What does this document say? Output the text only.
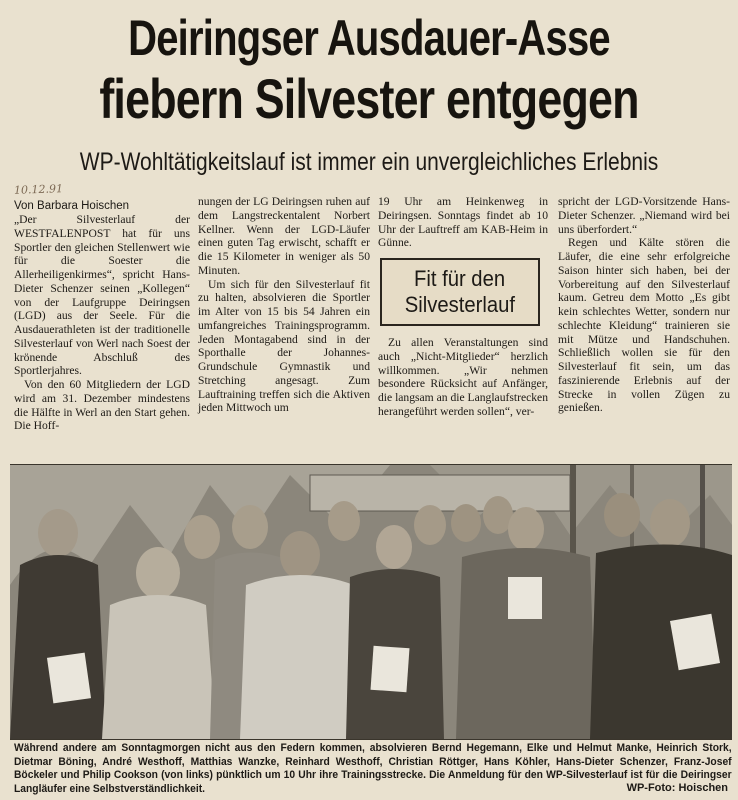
Deiringser Ausdauer-Asse
fiebern Silvester entgegen
WP-Wohltätigkeitslauf ist immer ein unvergleichliches Erlebnis
10.12.91
Von Barbara Hoischen

„Der Silvesterlauf der WESTFALENPOST hat für uns Sportler den gleichen Stellenwert wie für die Soester die Allerheiligenkirmes“, spricht Hans-Dieter Schenzer seinen „Kollegen“ von der Laufgruppe Deiringsen (LGD) aus der Seele. Für die Ausdauerathleten ist der traditionelle Silvesterlauf von Werl nach Soest der krönende Abschluß des Sportlerjahres.

Von den 60 Mitgliedern der LGD wird am 31. Dezember mindestens die Hälfte in Werl an den Start gehen. Die Hoff-

nungen der LG Deiringsen ruhen auf dem Langstreckentalent Norbert Kellner. Wenn der LGD-Läufer einen guten Tag erwischt, schafft er die 15 Kilometer in weniger als 50 Minuten.

Um sich für den Silvesterlauf fit zu halten, absolvieren die Sportler im Alter von 15 bis 54 Jahren ein umfangreiches Trainingsprogramm. Jeden Montagabend sind in der Sporthalle der Johannes-Grundschule Gymnastik und Stretching angesagt. Zum Lauftraining treffen sich die Aktiven jeden Mittwoch um

19 Uhr am Heinkenweg in Deiringsen. Sonntags findet ab 10 Uhr der Lauftreff am KAB-Heim in Günne.

Fit für den
Silvesterlauf

Zu allen Veranstaltungen sind auch „Nicht-Mitglieder“ herzlich willkommen. „Wir nehmen besondere Rücksicht auf Anfänger, die langsam an die Langlaufstrecken herangeführt werden sollen“, ver-

spricht der LGD-Vorsitzende Hans-Dieter Schenzer. „Niemand wird bei uns überfordert.“

Regen und Kälte stören die Läufer, die eine sehr erfolgreiche Saison hinter sich haben, bei der Vorbereitung auf den Silvesterlauf kaum. Getreu dem Motto „Es gibt kein schlechtes Wetter, sondern nur schlechte Kleidung“ trainieren sie mit Mütze und Handschuhen. Schließlich wollen sie für den Silvesterlauf fit sein, um das faszinierende Erlebnis auf der Strecke in vollen Zügen zu genießen.

Während andere am Sonntagmorgen nicht aus den Federn kommen, absolvieren Bernd Hegemann, Elke und Helmut Manke, Heinrich Stork, Dietmar Böning, André Westhoff, Matthias Wanzke, Reinhard Westhoff, Christian Röttger, Hans Köhler, Hans-Dieter Schenzer, Franz-Josef Böckeler und Philip Cookson (von links) pünktlich um 10 Uhr ihre Trainingsstrecke. Die Anmeldung für den WP-Silvesterlauf ist für die Deiringser Langläufer eine Selbstverständlichkeit.	WP-Foto: Hoischen
